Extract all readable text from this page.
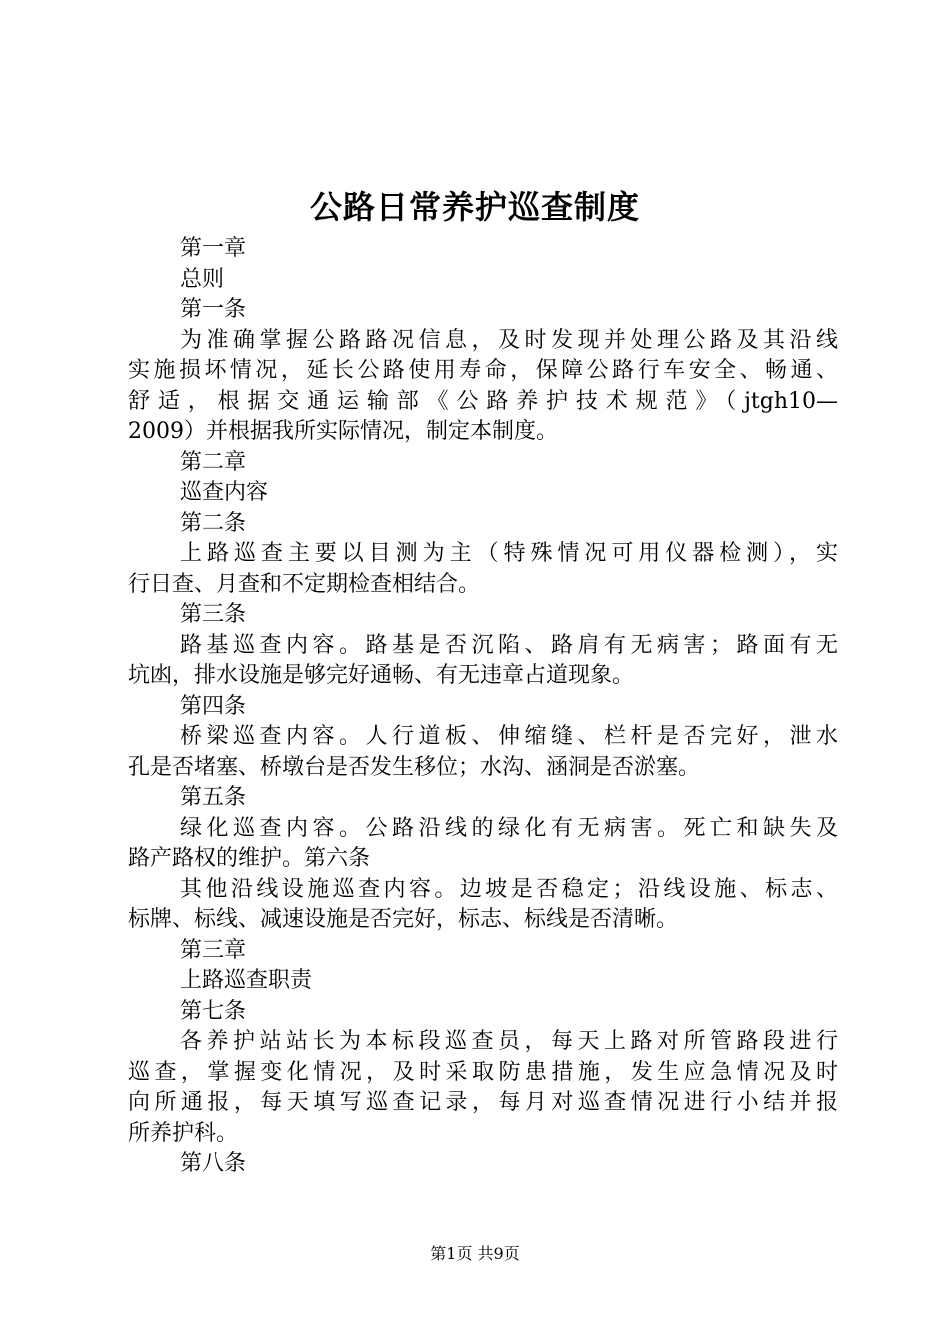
公路日常养护巡查制度
第一章
总则
第一条
为准确掌握公路路况信息，及时发现并处理公路及其沿线
实施损坏情况，延长公路使用寿命，保障公路行车安全、畅通、
舒适，根据交通运输部《公路养护技术规范》（jtgh10—
2009）并根据我所实际情况，制定本制度。
第二章
巡查内容
第二条
上路巡查主要以目测为主（特殊情况可用仪器检测），实
行日查、月查和不定期检查相结合。
第三条
路基巡查内容。路基是否沉陷、路肩有无病害；路面有无
坑凼，排水设施是够完好通畅、有无违章占道现象。
第四条
桥梁巡查内容。人行道板、伸缩缝、栏杆是否完好，泄水
孔是否堵塞、桥墩台是否发生移位；水沟、涵洞是否淤塞。
第五条
绿化巡查内容。公路沿线的绿化有无病害。死亡和缺失及
路产路权的维护。第六条
其他沿线设施巡查内容。边坡是否稳定；沿线设施、标志、
标牌、标线、减速设施是否完好，标志、标线是否清晰。
第三章
上路巡查职责
第七条
各养护站站长为本标段巡查员，每天上路对所管路段进行
巡查，掌握变化情况，及时采取防患措施，发生应急情况及时
向所通报，每天填写巡查记录，每月对巡查情况进行小结并报
所养护科。
第八条
第1页 共9页
